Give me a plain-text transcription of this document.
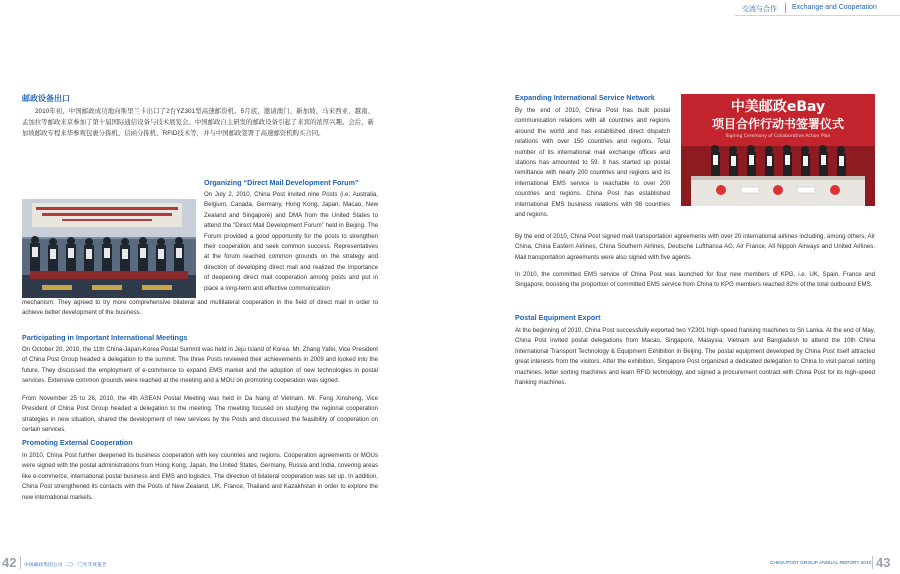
交流与合作 Exchange and Cooperation
邮政设备出口
2010年初，中国邮政成功地向斯里兰卡出口了2台YZ301型高速邮资机。5月底，邀请澳门、新加坡、马来西亚、越南、孟加拉等邮政来京参加了第十届国际通信设备与技术展览会。中国邮政自主研发的邮政设备引起了来宾的浓厚兴趣。会后，新加坡邮政专程来华参观包裹分拣机、信函分拣机、RFID技术等，并与中国邮政签署了高速邮资机购买合同。
Organizing “Direct Mail Development Forum”
On July 2, 2010, China Post invited nine Posts (i.e. Australia, Belgium, Canada, Germany, Hong Kong, Japan, Macao, New Zealand and Singapore) and DMA from the United States to attend the “Direct Mail Development Forum” held in Beijing. The Forum provided a good opportunity for the posts to strengthen their cooperation and seek common success. Representatives at the forum reached common grounds on the strategy and direction of developing direct mail and realized the importance of deepening direct mail cooperation among posts and put in place a long-term and effective communication
mechanism. They agreed to try more comprehensive bilateral and multilateral cooperation in the field of direct mail in order to achieve better development of the business.
Participating in Important International Meetings
On October 20, 2010, the 11th China-Japan-Korea Postal Summit was held in Jeju Island of Korea. Mr. Zhang Yafei, Vice President of China Post Group headed a delegation to the summit. The three Posts reviewed their achievements in 2009 and looked into the future. They discussed the employment of e-commerce to expand EMS market and the adoption of new technologies in postal services. Extensive common grounds were reached at the meeting and a MOU on promoting cooperation was signed.
From November 25 to 26, 2010, the 4th ASEAN Postal Meeting was held in Da Nang of Vietnam. Mr. Feng Xinsheng, Vice President of China Post Group headed a delegation to the meeting. The meeting focused on studying the regional cooperation strategies in new situation, shared the development of new services by the Posts and discussed the feasibility of cooperation on certain services.
Promoting External Cooperation
In 2010, China Post further deepened its business cooperation with key countries and regions. Cooperation agreements or MOUs were signed with the postal administrations from Hong Kong, Japan, the United States, Germany, Russia and India, covering areas like e-commerce, international postal business and EMS and logistics. The direction of bilateral cooperation was set up. In addition, China Post strengthened its contacts with the Posts of New Zealand, UK, France, Thailand and Kazakhstan in order to explore the new international markets.
Expanding International Service Network
By the end of 2010, China Post has built postal communication relations with all countries and regions around the world and has established direct dispatch relations with over 150 countries and regions. Total number of its international mail exchange offices and stations has amounted to 59. It has started up postal remittance with nearly 200 countries and regions and its international EMS service is reachable to over 200 countries and regions. China Post has established international EMS business relations with 98 countries and regions.
中美邮政eBay
项目合作行动书签署仪式
Signing Ceremony of Collaborative Action Plan
By the end of 2010, China Post signed mail transportation agreements with over 20 international airlines including, among others, Air China, China Eastern Airlines, China Southern Airlines, Deutsche Lufthansa AG, Air France, All Nippon Airways and United Airlines. Mail transportation agreements were also signed with five agents.
In 2010, the committed EMS service of China Post was launched for four new members of KPG, i.e. UK, Spain, France and Singapore, boosting the proportion of committed EMS service from China to KPG members reached 82% of the total outbound EMS.
Postal Equipment Export
At the beginning of 2010, China Post successfully exported two YZ301 high-speed franking machines to Sri Lanka. At the end of May, China Post invited postal delegations from Macao, Singapore, Malaysia, Vietnam and Bangladesh to attend the 10th China International Transport Technology & Equipment Exhibition in Beijing. The postal equipment developed by China Post itself attracted great interests from the visitors. After the exhibition, Singapore Post organized a dedicated delegation to China to visit parcel sorting machines, letter sorting machines and learn RFID technology, and signed a procurement contract with China Post for its high-speed franking machines.
42 中国邮政集团公司 二〇一〇年年度报告	CHINA POST GROUP ANNUAL REPORT 2010 43
